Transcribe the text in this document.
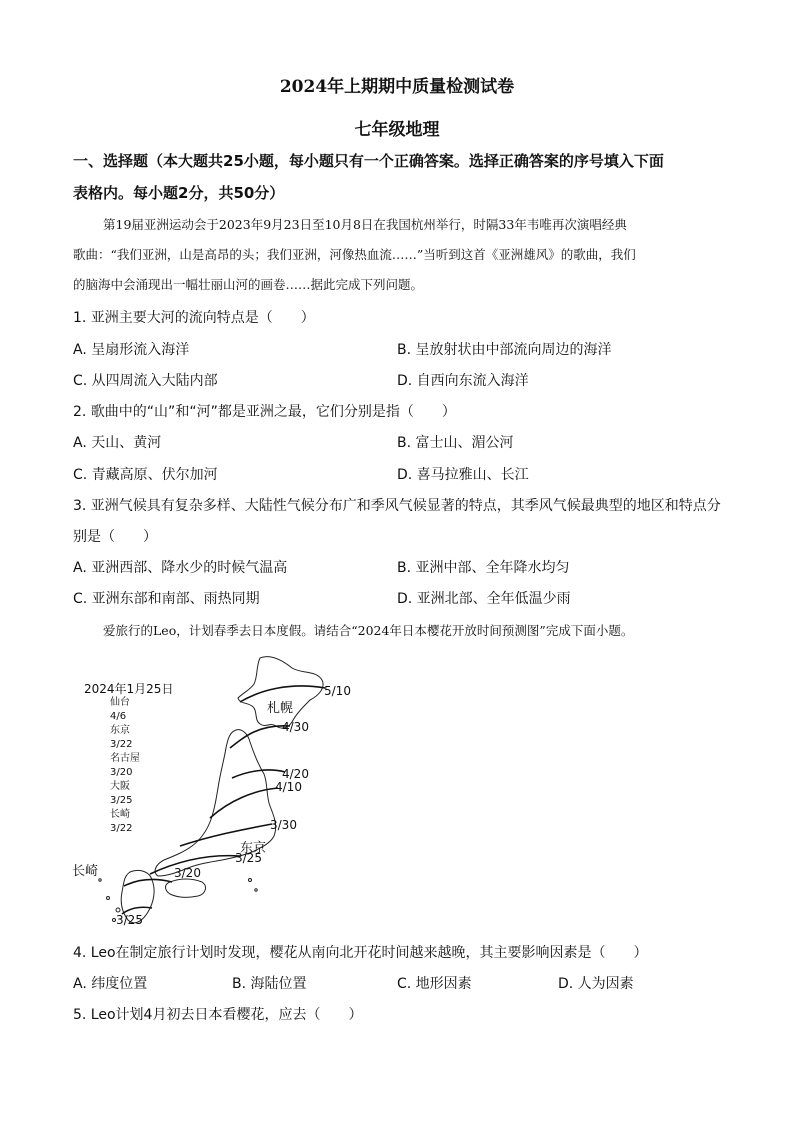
2024年上期期中质量检测试卷
七年级地理
一、选择题（本大题共25小题，每小题只有一个正确答案。选择正确答案的序号填入下面
表格内。每小题2分，共50分）
第19届亚洲运动会于2023年9月23日至10月8日在我国杭州举行，时隔33年韦唯再次演唱经典
歌曲：“我们亚洲，山是高昂的头；我们亚洲，河像热血流……”当听到这首《亚洲雄风》的歌曲，我们
的脑海中会涌现出一幅壮丽山河的画卷……据此完成下列问题。
1. 亚洲主要大河的流向特点是（　　）
A. 呈扇形流入海洋	B. 呈放射状由中部流向周边的海洋
C. 从四周流入大陆内部	D. 自西向东流入海洋
2. 歌曲中的“山”和“河”都是亚洲之最，它们分别是指（　　）
A. 天山、黄河	B. 富士山、湄公河
C. 青藏高原、伏尔加河	D. 喜马拉雅山、长江
3. 亚洲气候具有复杂多样、大陆性气候分布广和季风气候显著的特点，其季风气候最典型的地区和特点分
别是（　　）
A. 亚洲西部、降水少的时候气温高	B. 亚洲中部、全年降水均匀
C. 亚洲东部和南部、雨热同期	D. 亚洲北部、全年低温少雨
爱旅行的Leo，计划春季去日本度假。请结合“2024年日本樱花开放时间预测图”完成下面小题。
2024年1月25日
仙台
4/6
东京
3/22
名古屋
3/20
大阪
3/25
长崎
3/22
5/10
札幌
4/30
4/20
4/10
3/30
东京
3/25
3/20
长崎
3/25
4. Leo在制定旅行计划时发现，樱花从南向北开花时间越来越晚，其主要影响因素是（　　）
A. 纬度位置	B. 海陆位置	C. 地形因素	D. 人为因素
5. Leo计划4月初去日本看樱花，应去（　　）
